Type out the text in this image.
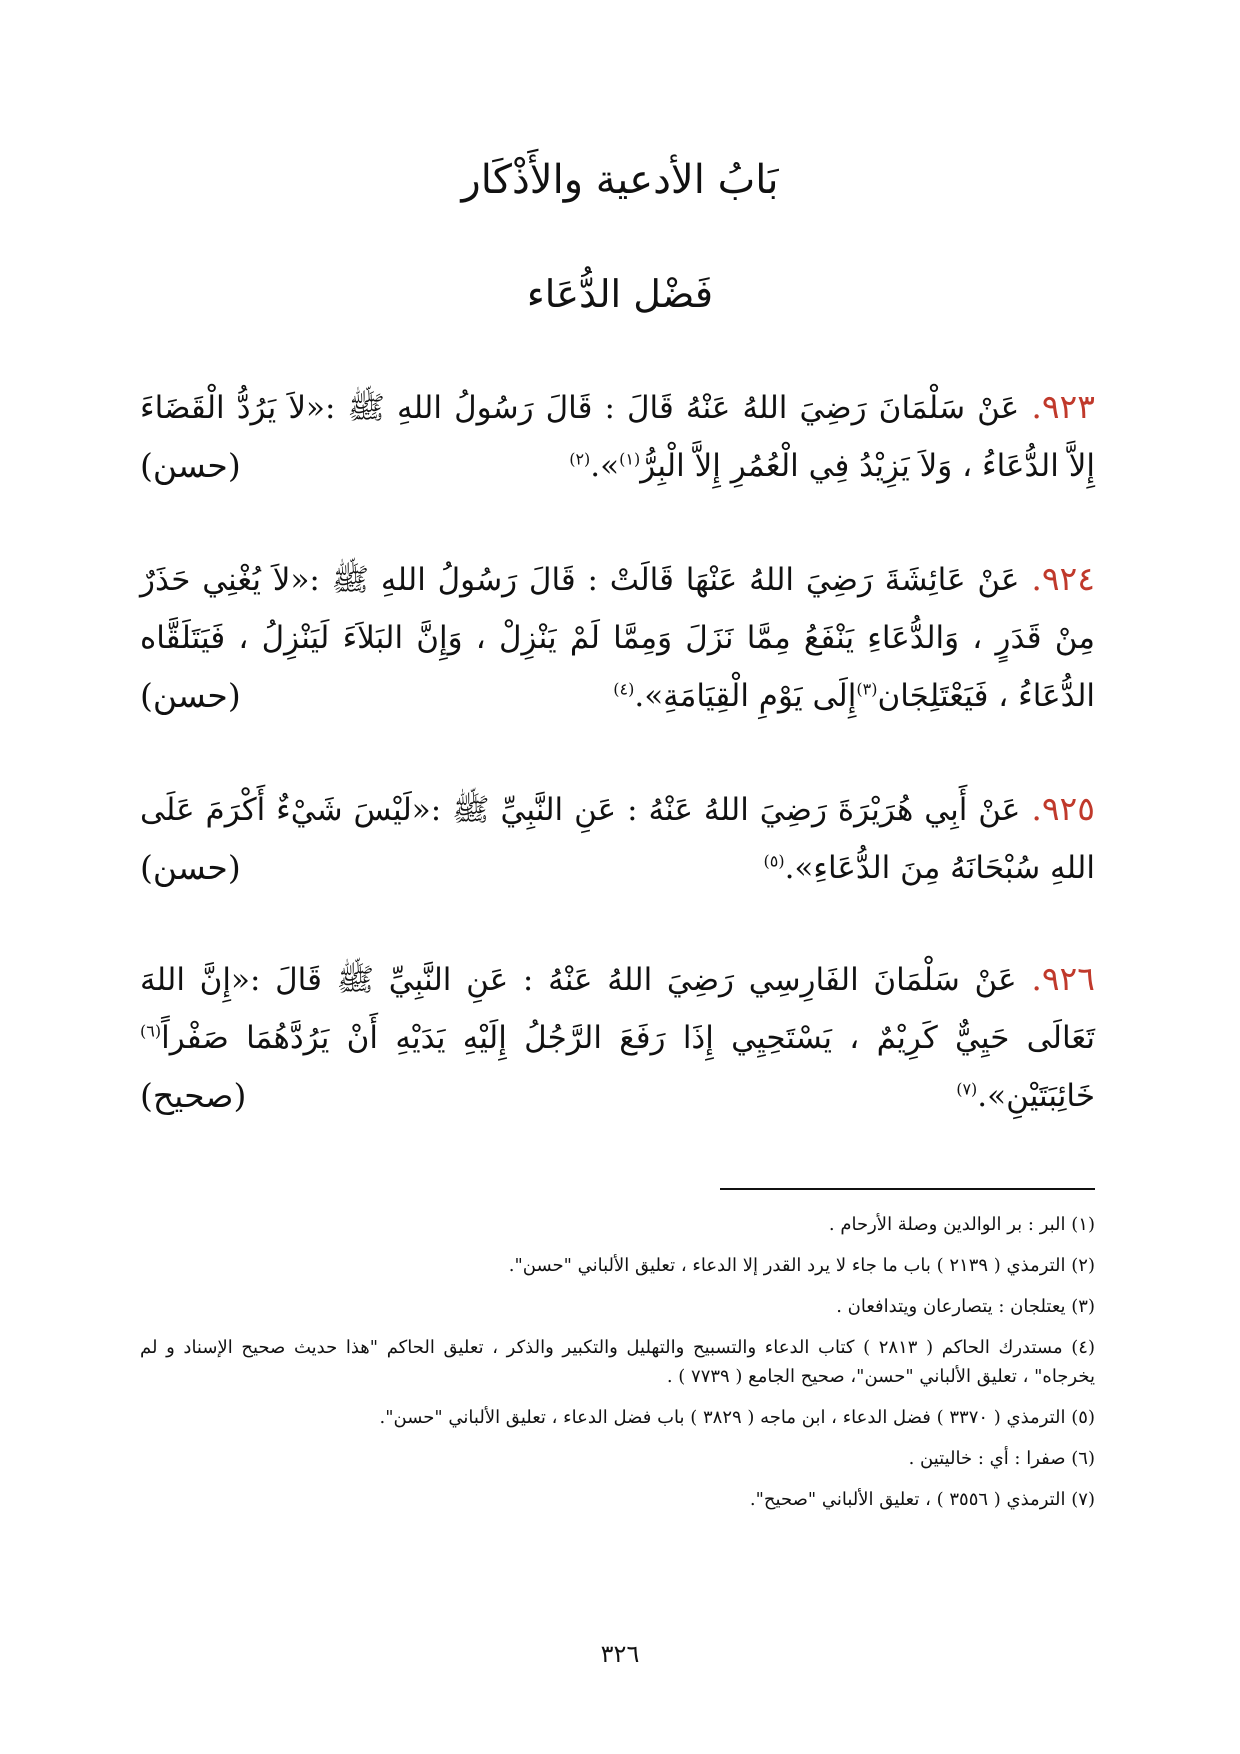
بَابُ الأدعية والأَذْكَار
فَضْل الدُّعَاء
٩٢٣. عَنْ سَلْمَانَ رَضِيَ اللهُ عَنْهُ قَالَ : قَالَ رَسُولُ اللهِ ﷺ :«لاَ يَرُدُّ الْقَضَاءَ إِلاَّ الدُّعَاءُ ، وَلاَ يَزِيْدُ فِي الْعُمُرِ إِلاَّ الْبِرُّ$^{(١)}$».$^{(٢)}$
(حسن)
٩٢٤. عَنْ عَائِشَةَ رَضِيَ اللهُ عَنْهَا قَالَتْ : قَالَ رَسُولُ اللهِ ﷺ :«لاَ يُغْنِي حَذَرٌ مِنْ قَدَرٍ ، وَالدُّعَاءِ يَنْفَعُ مِمَّا نَزَلَ وَمِمَّا لَمْ يَنْزِلْ ، وَإِنَّ البَلاَءَ لَيَنْزِلُ ، فَيَتَلَقَّاه الدُّعَاءُ ، فَيَعْتَلِجَان$^{(٣)}$إِلَى يَوْمِ الْقِيَامَةِ».$^{(٤)}$
(حسن)
٩٢٥. عَنْ أَبِي هُرَيْرَةَ رَضِيَ اللهُ عَنْهُ : عَنِ النَّبِيِّ ﷺ :«لَيْسَ شَيْءٌ أَكْرَمَ عَلَى اللهِ سُبْحَانَهُ مِنَ الدُّعَاءِ».$^{(٥)}$
(حسن)
٩٢٦. عَنْ سَلْمَانَ الفَارِسِي رَضِيَ اللهُ عَنْهُ : عَنِ النَّبِيِّ ﷺ قَالَ :«إِنَّ اللهَ تَعَالَى حَيِيٌّ كَرِيْمٌ ، يَسْتَحِيِي إِذَا رَفَعَ الرَّجُلُ إِلَيْهِ يَدَيْهِ أَنْ يَرُدَّهُمَا صَفْراً$^{(٦)}$ خَائِبَتَيْنِ».$^{(٧)}$
(صحيح)
(١) البر : بر الوالدين وصلة الأرحام .
(٢) الترمذي ( ٢١٣٩ ) باب ما جاء لا يرد القدر إلا الدعاء ، تعليق الألباني "حسن".
(٣) يعتلجان : يتصارعان ويتدافعان .
(٤) مستدرك الحاكم ( ٢٨١٣ ) كتاب الدعاء والتسبيح والتهليل والتكبير والذكر ، تعليق الحاكم "هذا حديث صحيح الإسناد و لم يخرجاه" ، تعليق الألباني "حسن"، صحيح الجامع ( ٧٧٣٩ ) .
(٥) الترمذي ( ٣٣٧٠ ) فضل الدعاء ، ابن ماجه ( ٣٨٢٩ ) باب فضل الدعاء ، تعليق الألباني "حسن".
(٦) صفرا : أي : خاليتين .
(٧) الترمذي ( ٣٥٥٦ ) ، تعليق الألباني "صحيح".
٣٢٦
